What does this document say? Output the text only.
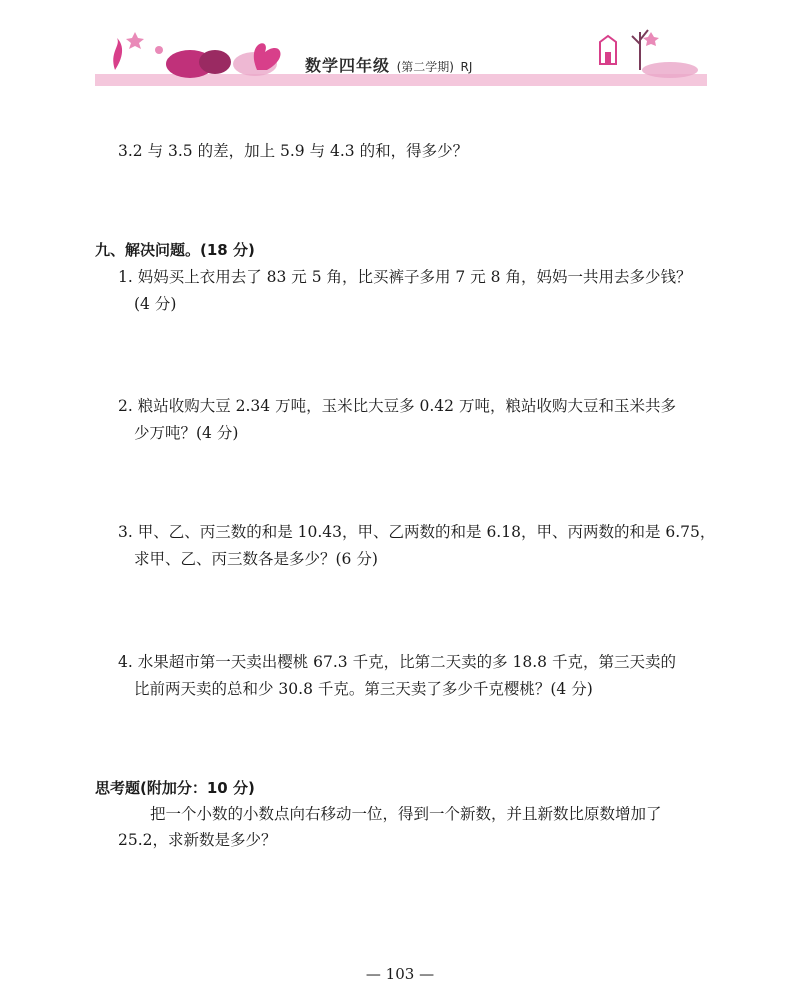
数学四年级 (第二学期) RJ
3.2 与 3.5 的差，加上 5.9 与 4.3 的和，得多少？
九、解决问题。(18 分)
1. 妈妈买上衣用去了 83 元 5 角，比买裤子多用 7 元 8 角，妈妈一共用去多少钱？
(4 分)
2. 粮站收购大豆 2.34 万吨，玉米比大豆多 0.42 万吨，粮站收购大豆和玉米共多
少万吨？(4 分)
3. 甲、乙、丙三数的和是 10.43，甲、乙两数的和是 6.18，甲、丙两数的和是 6.75，
求甲、乙、丙三数各是多少？(6 分)
4. 水果超市第一天卖出樱桃 67.3 千克，比第二天卖的多 18.8 千克，第三天卖的
比前两天卖的总和少 30.8 千克。第三天卖了多少千克樱桃？(4 分)
思考题(附加分：10 分)
把一个小数的小数点向右移动一位，得到一个新数，并且新数比原数增加了
25.2，求新数是多少？
— 103 —
